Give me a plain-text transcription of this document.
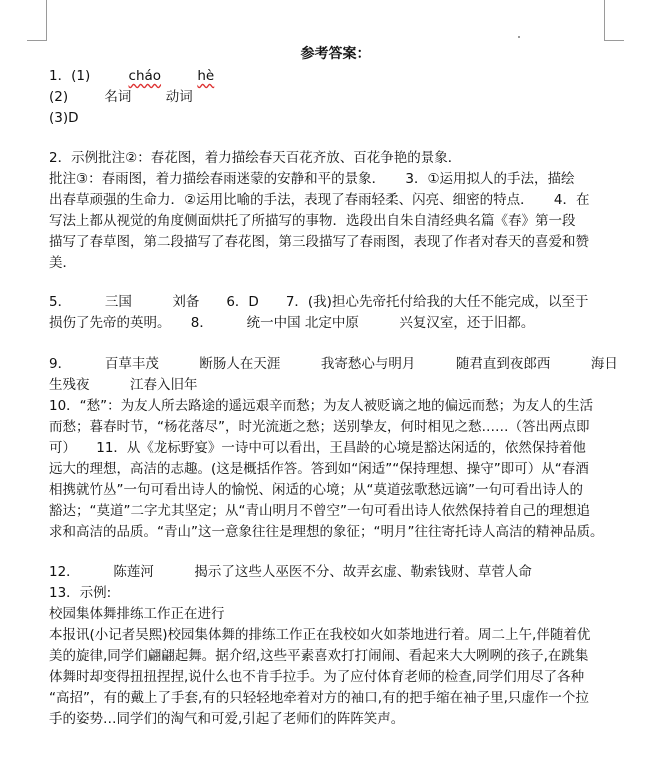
参考答案：
1．(1)	cháo	hè
(2)	名词	动词
(3)D
2．示例批注②：春花图，着力描绘春天百花齐放、百花争艳的景象．
批注③：春雨图，着力描绘春雨迷蒙的安静和平的景象．　　3．①运用拟人的手法，描绘
出春草顽强的生命力．②运用比喻的手法，表现了春雨轻柔、闪亮、细密的特点．　　4．在
写法上都从视觉的角度侧面烘托了所描写的事物．选段出自朱自清经典名篇《春》第一段
描写了春草图，第二段描写了春花图，第三段描写了春雨图，表现了作者对春天的喜爱和赞
美．
5．　　　三国　　　刘备　　6．D　　7．(我)担心先帝托付给我的大任不能完成，以至于
损伤了先帝的英明。　　8．　　　统一中国 北定中原　　　兴复汉室，还于旧都。
9．　　　百草丰茂　　　断肠人在天涯　　　我寄愁心与明月　　　随君直到夜郎西　　　海日
生残夜　　　江春入旧年
10．“愁”：为友人所去路途的遥远艰辛而愁；为友人被贬谪之地的偏远而愁；为友人的生活
而愁；暮春时节，“杨花落尽”，时光流逝之愁；送别挚友，何时相见之愁……（答出两点即
可）　　11．从《龙标野宴》一诗中可以看出，王昌龄的心境是豁达闲适的，依然保持着他
远大的理想，高洁的志趣。(这是概括作答。答到如“闲适”“保持理想、操守”即可）从“春酒
相携就竹丛”一句可看出诗人的愉悦、闲适的心境；从“莫道弦歌愁远谪”一句可看出诗人的
豁达；“莫道”二字尤其坚定；从“青山明月不曾空”一句可看出诗人依然保持着自己的理想追
求和高洁的品质。“青山”这一意象往往是理想的象征；“明月”往往寄托诗人高洁的精神品质。
12．　　　陈莲河　　　揭示了这些人巫医不分、故弄玄虚、勒索钱财、草菅人命
13．示例:
校园集体舞排练工作正在进行
本报讯(小记者吴熙)校园集体舞的排练工作正在我校如火如荼地进行着。周二上午,伴随着优
美的旋律,同学们翩翩起舞。据介绍,这些平素喜欢打打闹闹、看起来大大咧咧的孩子,在跳集
体舞时却变得扭扭捏捏,说什么也不肯手拉手。为了应付体育老师的检查,同学们用尽了各种
“高招”，有的戴上了手套,有的只轻轻地牵着对方的袖口,有的把手缩在袖子里,只虚作一个拉
手的姿势…同学们的淘气和可爱,引起了老师们的阵阵笑声。
